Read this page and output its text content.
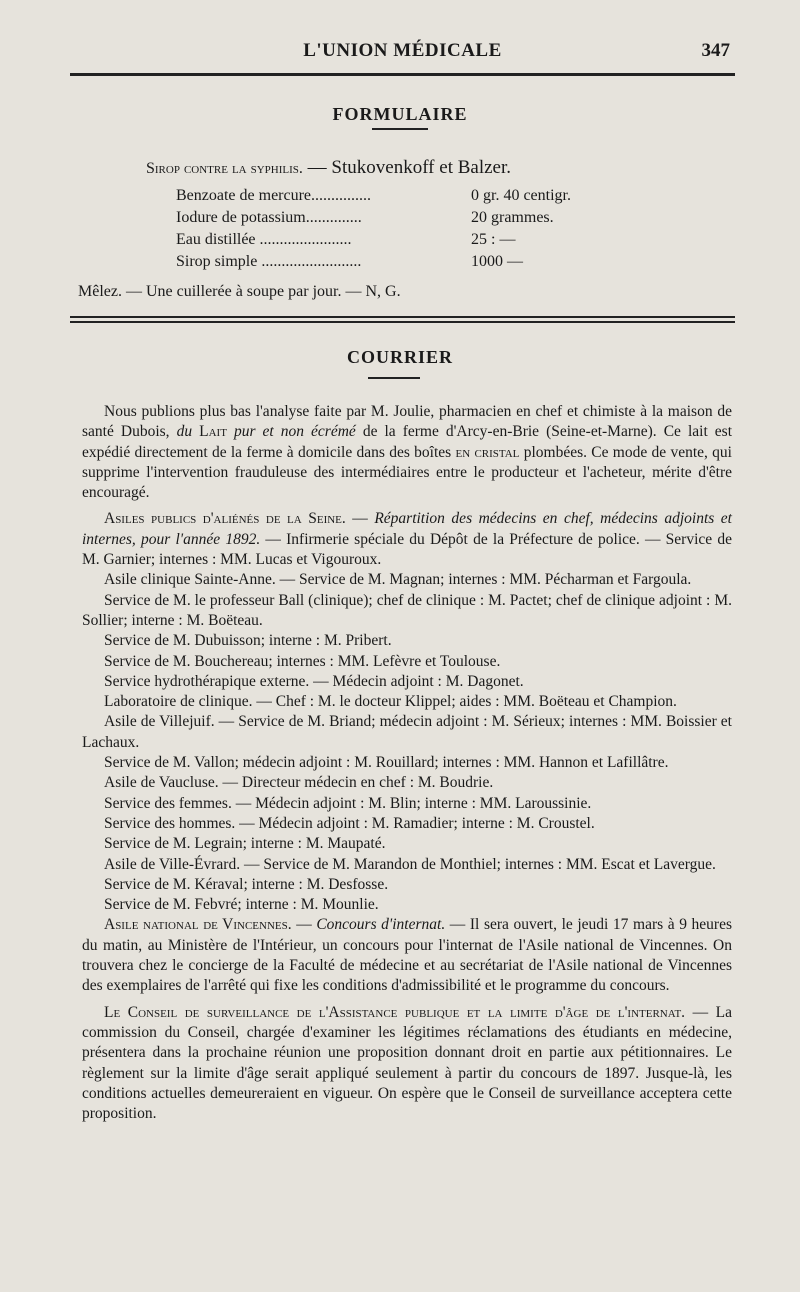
L'UNION MÉDICALE	347
FORMULAIRE
Sirop contre la syphilis. — Stukovenkoff et Balzer.
Benzoate de mercure...............	0 gr. 40 centigr.
Iodure de potassium..............	20 grammes.
Eau distillée .......................	25 : —
Sirop simple .........................	1000 —
Mêlez. — Une cuillerée à soupe par jour. — N, G.
COURRIER

Nous publions plus bas l'analyse faite par M. Joulie, pharmacien en chef et chimiste à la maison de santé Dubois, du Lait pur et non écrémé de la ferme d'Arcy-en-Brie (Seine-et-Marne). Ce lait est expédié directement de la ferme à domicile dans des boîtes en cristal plombées. Ce mode de vente, qui supprime l'intervention frauduleuse des intermédiaires entre le producteur et l'acheteur, mérite d'être encouragé.

Asiles publics d'aliénés de la Seine. — Répartition des médecins en chef, médecins adjoints et internes, pour l'année 1892. — Infirmerie spéciale du Dépôt de la Préfecture de police. — Service de M. Garnier; internes : MM. Lucas et Vigouroux.

Asile clinique Sainte-Anne. — Service de M. Magnan; internes : MM. Pécharman et Fargoula.

Service de M. le professeur Ball (clinique); chef de clinique : M. Pactet; chef de clinique adjoint : M. Sollier; interne : M. Boëteau.

Service de M. Dubuisson; interne : M. Pribert.

Service de M. Bouchereau; internes : MM. Lefèvre et Toulouse.

Service hydrothérapique externe. — Médecin adjoint : M. Dagonet.

Laboratoire de clinique. — Chef : M. le docteur Klippel; aides : MM. Boëteau et Champion.

Asile de Villejuif. — Service de M. Briand; médecin adjoint : M. Sérieux; internes : MM. Boissier et Lachaux.

Service de M. Vallon; médecin adjoint : M. Rouillard; internes : MM. Hannon et Lafillâtre.

Asile de Vaucluse. — Directeur médecin en chef : M. Boudrie.

Service des femmes. — Médecin adjoint : M. Blin; interne : MM. Laroussinie.

Service des hommes. — Médecin adjoint : M. Ramadier; interne : M. Croustel.

Service de M. Legrain; interne : M. Maupaté.

Asile de Ville-Évrard. — Service de M. Marandon de Monthiel; internes : MM. Escat et Lavergue.

Service de M. Kéraval; interne : M. Desfosse.

Service de M. Febvré; interne : M. Mounlie.

Asile national de Vincennes. — Concours d'internat. — Il sera ouvert, le jeudi 17 mars à 9 heures du matin, au Ministère de l'Intérieur, un concours pour l'internat de l'Asile national de Vincennes. On trouvera chez le concierge de la Faculté de médecine et au secrétariat de l'Asile national de Vincennes des exemplaires de l'arrêté qui fixe les conditions d'admissibilité et le programme du concours.

Le Conseil de surveillance de l'Assistance publique et la limite d'âge de l'internat. — La commission du Conseil, chargée d'examiner les légitimes réclamations des étudiants en médecine, présentera dans la prochaine réunion une proposition donnant droit en partie aux pétitionnaires. Le règlement sur la limite d'âge serait appliqué seulement à partir du concours de 1897. Jusque-là, les conditions actuelles demeureraient en vigueur. On espère que le Conseil de surveillance acceptera cette proposition.
